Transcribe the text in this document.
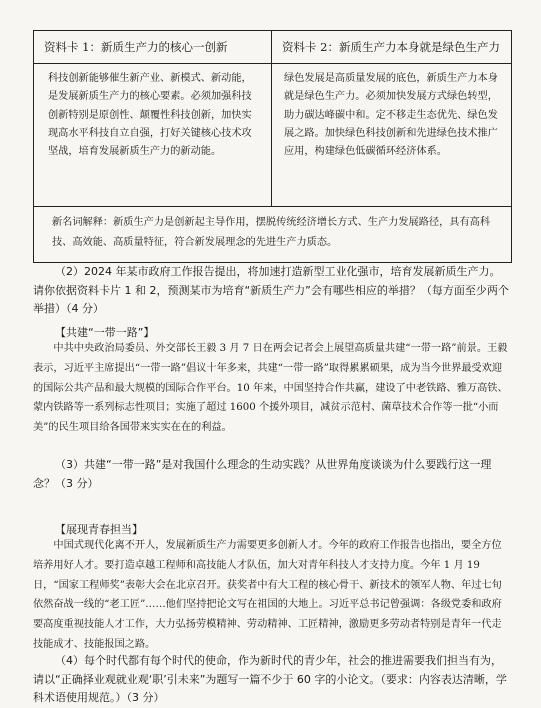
资料卡 1：新质生产力的核心一创新
科技创新能够催生新产业、新模式、新动能，是发展新质生产力的核心要素。必须加强科技创新特别是原创性、颠覆性科技创新，加快实现高水平科技自立自强，打好关键核心技术攻坚战，培育发展新质生产力的新动能。
资料卡 2：新质生产力本身就是绿色生产力
绿色发展是高质量发展的底色，新质生产力本身就是绿色生产力。必须加快发展方式绿色转型，助力碳达峰碳中和。定不移走生态优先、绿色发展之路。加快绿色科技创新和先进绿色技术推广应用，构建绿色低碳循环经济体系。
新名词解释：新质生产力是创新起主导作用，摆脱传统经济增长方式、生产力发展路径，具有高科技、高效能、高质量特征，符合新发展理念的先进生产力质态。
（2）2024 年某市政府工作报告提出，将加速打造新型工业化强市，培育发展新质生产力。请你依据资料卡片 1 和 2，预测某市为培育“新质生产力”会有哪些相应的举措？（每方面至少两个举措）（4 分）
【共建“一带一路”】
中共中央政治局委员、外交部长王毅 3 月 7 日在两会记者会上展望高质量共建“一带一路”前景。王毅表示，习近平主席提出“一带一路”倡议十年多来，共建“一带一路”取得累累硕果，成为当今世界最受欢迎的国际公共产品和最大规模的国际合作平台。10 年来，中国坚持合作共赢，建设了中老铁路、雅万高铁、蒙内铁路等一系列标志性项目；实施了超过 1600 个援外项目，减贫示范村、菌草技术合作等一批“小而美”的民生项目给各国带来实实在在的利益。
（3）共建“一带一路”是对我国什么理念的生动实践？从世界角度谈谈为什么要践行这一理念？（3 分）
【展现青春担当】
中国式现代化离不开人，发展新质生产力需要更多创新人才。今年的政府工作报告也指出，要全方位培养用好人才。要打造卓越工程师和高技能人才队伍，加大对青年科技人才支持力度。今年 1 月 19 日，“国家工程师奖”表彰大会在北京召开。获奖者中有大工程的核心骨干、新技术的领军人物、年过七旬依然奋战一线的“老工匠”……他们坚持把论文写在祖国的大地上。习近平总书记曾强调：各级党委和政府要高度重视技能人才工作，大力弘扬劳模精神、劳动精神、工匠精神，激励更多劳动者特别是青年一代走技能成才、技能报国之路。
（4）每个时代都有每个时代的使命，作为新时代的青少年，社会的推进需要我们担当有为，请以“正确择业观就业观‘职’引未来”为题写一篇不少于 60 字的小论文。（要求：内容表达清晰，学科术语使用规范。）（3 分）
